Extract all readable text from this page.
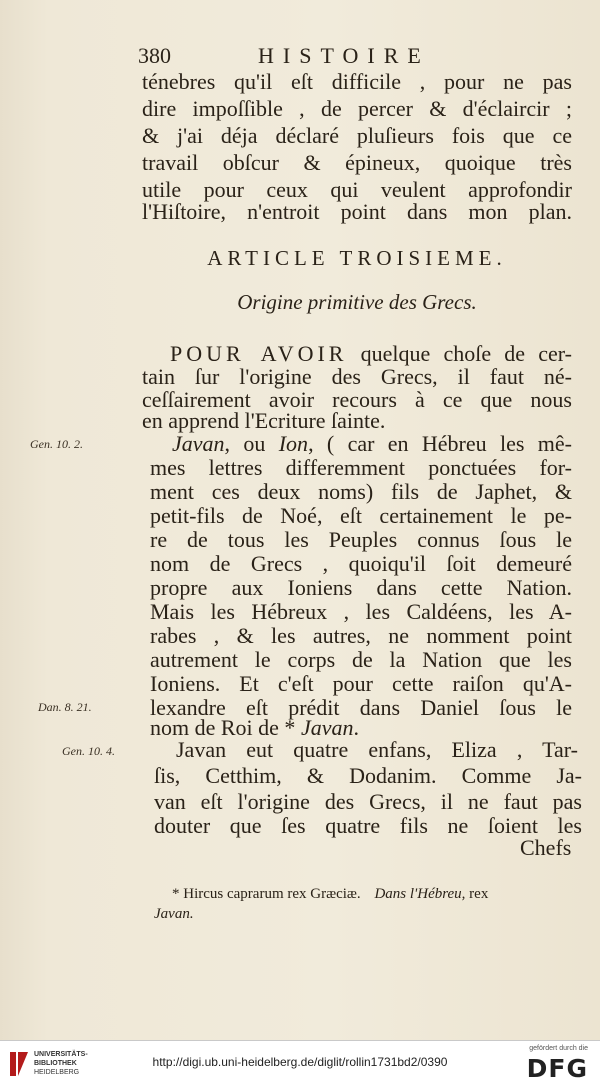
380	HISTOIRE
ténebres qu'il eſt difficile , pour ne pas
dire impoſſible , de percer & d'éclaircir ;
& j'ai déja déclaré pluſieurs fois que ce
travail obſcur & épineux, quoique très
utile pour ceux qui veulent approfondir
l'Hiſtoire, n'entroit point dans mon plan.
ARTICLE TROISIEME.
Origine primitive des Grecs.
POUR AVOIR quelque choſe de cer-
tain ſur l'origine des Grecs, il faut né-
ceſſairement avoir recours à ce que nous
en apprend l'Ecriture ſainte.
Gen. 10. 2.	Javan, ou Ion, ( car en Hébreu les mê-
mes lettres differemment ponctuées for-
ment ces deux noms) fils de Japhet, &
petit-fils de Noé, eſt certainement le pe-
re de tous les Peuples connus ſous le
nom de Grecs , quoiqu'il ſoit demeuré
propre aux Ioniens dans cette Nation.
Mais les Hébreux , les Caldéens, les A-
rabes , & les autres, ne nomment point
autrement le corps de la Nation que les
Ioniens. Et c'eſt pour cette raiſon qu'A-
lexandre eſt prédit dans Daniel ſous le
nom de Roi de * Javan.
Dan. 8. 21.
Gen. 10. 4.	Javan eut quatre enfans, Eliza , Tar-
ſis, Cetthim, & Dodanim. Comme Ja-
van eſt l'origine des Grecs, il ne faut pas
douter que ſes quatre fils ne ſoient les
Chefs
* Hircus caprarum rex Græciæ. Dans l'Hébreu, rex
Javan.
UNIVERSITÄTS-
BIBLIOTHEK
HEIDELBERG
http://digi.ub.uni-heidelberg.de/diglit/rollin1731bd2/0390
gefördert durch die
DFG
